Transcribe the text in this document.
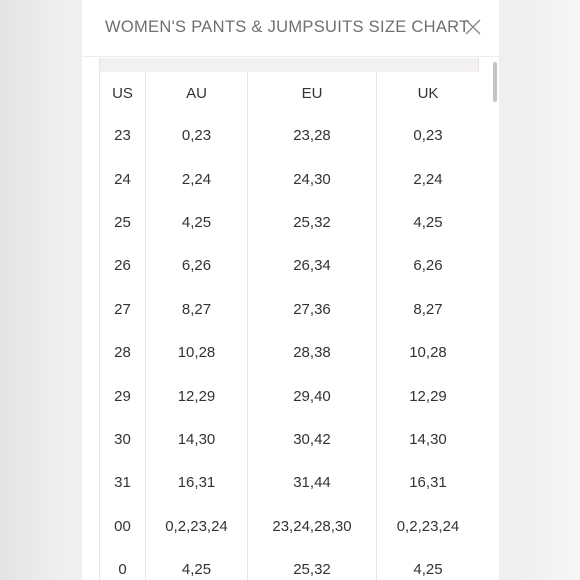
WOMEN'S PANTS & JUMPSUITS SIZE CHART
US	AU	EU	UK
23	0,23	23,28	0,23
24	2,24	24,30	2,24
25	4,25	25,32	4,25
26	6,26	26,34	6,26
27	8,27	27,36	8,27
28	10,28	28,38	10,28
29	12,29	29,40	12,29
30	14,30	30,42	14,30
31	16,31	31,44	16,31
00	0,2,23,24	23,24,28,30	0,2,23,24
0	4,25	25,32	4,25
